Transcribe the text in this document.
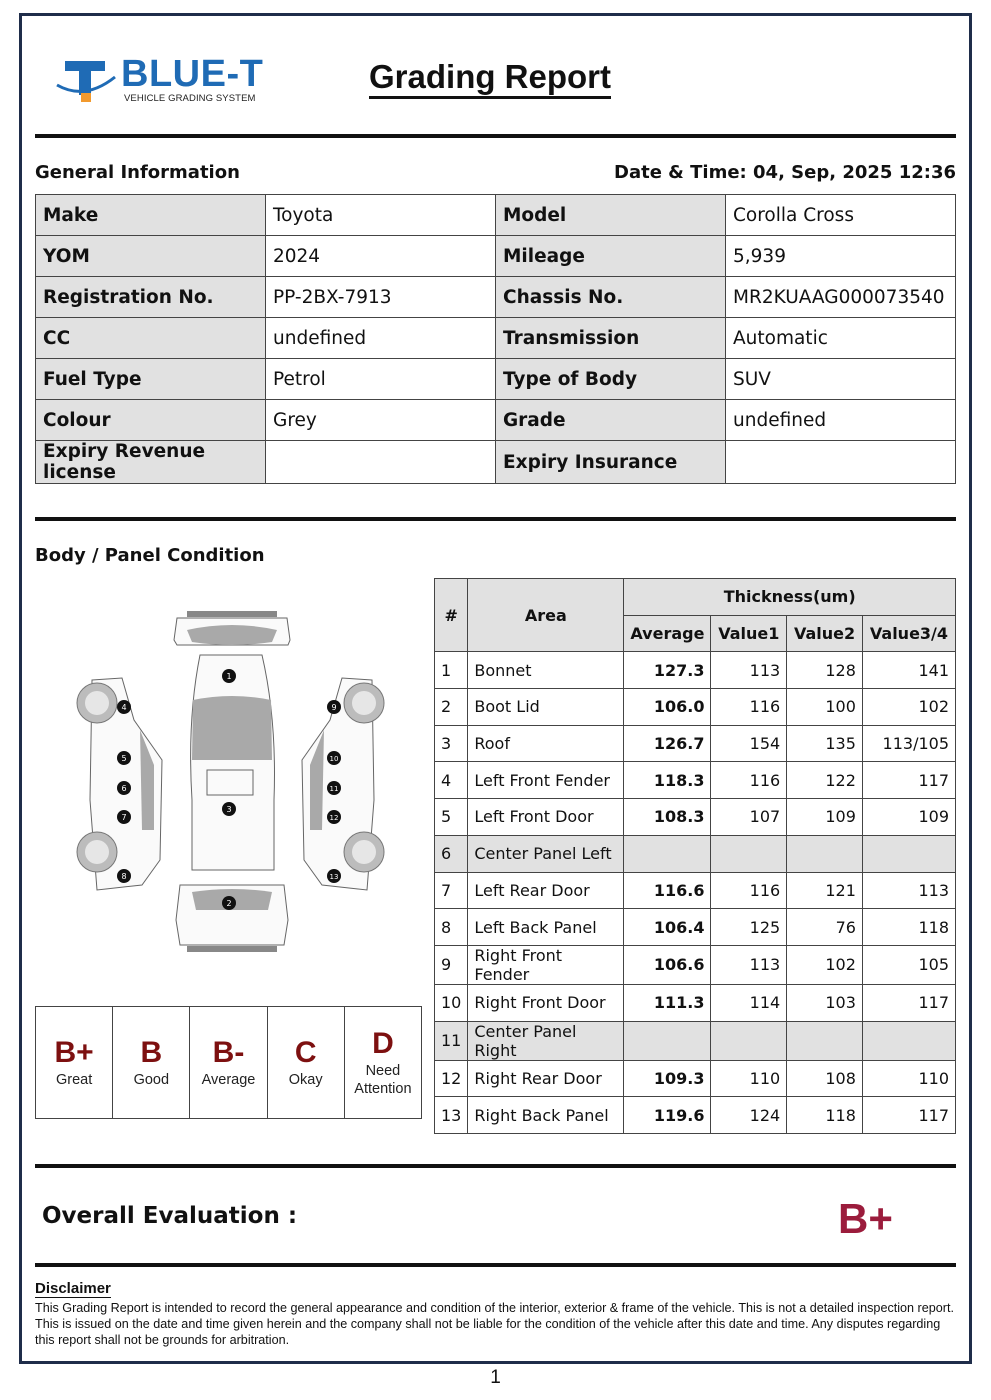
BLUE-T
VEHICLE GRADING SYSTEM
Grading Report
General Information	Date & Time: 04, Sep, 2025 12:36
Make	Toyota	Model	Corolla Cross
YOM	2024	Mileage	5,939
Registration No.	PP-2BX-7913	Chassis No.	MR2KUAAG000073540
CC	undefined	Transmission	Automatic
Fuel Type	Petrol	Type of Body	SUV
Colour	Grey	Grade	undefined
Expiry Revenue license		Expiry Insurance	
Body / Panel Condition
1
2
3
4
5
6
7
8
9
10
11
12
13
B+
Great
B
Good
B-
Average
C
Okay
D
Need Attention
#	Area	Thickness(um)			
		Average	Value1	Value2	Value3/4
1	Bonnet	127.3	113	128	141
2	Boot Lid	106.0	116	100	102
3	Roof	126.7	154	135	113/105
4	Left Front Fender	118.3	116	122	117
5	Left Front Door	108.3	107	109	109
6	Center Panel Left				
7	Left Rear Door	116.6	116	121	113
8	Left Back Panel	106.4	125	76	118
9	Right Front Fender	106.6	113	102	105
10	Right Front Door	111.3	114	103	117
11	Center Panel Right				
12	Right Rear Door	109.3	110	108	110
13	Right Back Panel	119.6	124	118	117
Overall Evaluation :	B+
Disclaimer
This Grading Report is intended to record the general appearance and condition of the interior, exterior & frame of the vehicle. This is not a detailed inspection report. This is issued on the date and time given herein and the company shall not be liable for the condition of the vehicle after this date and time. Any disputes regarding this report shall not be grounds for arbitration.
1
